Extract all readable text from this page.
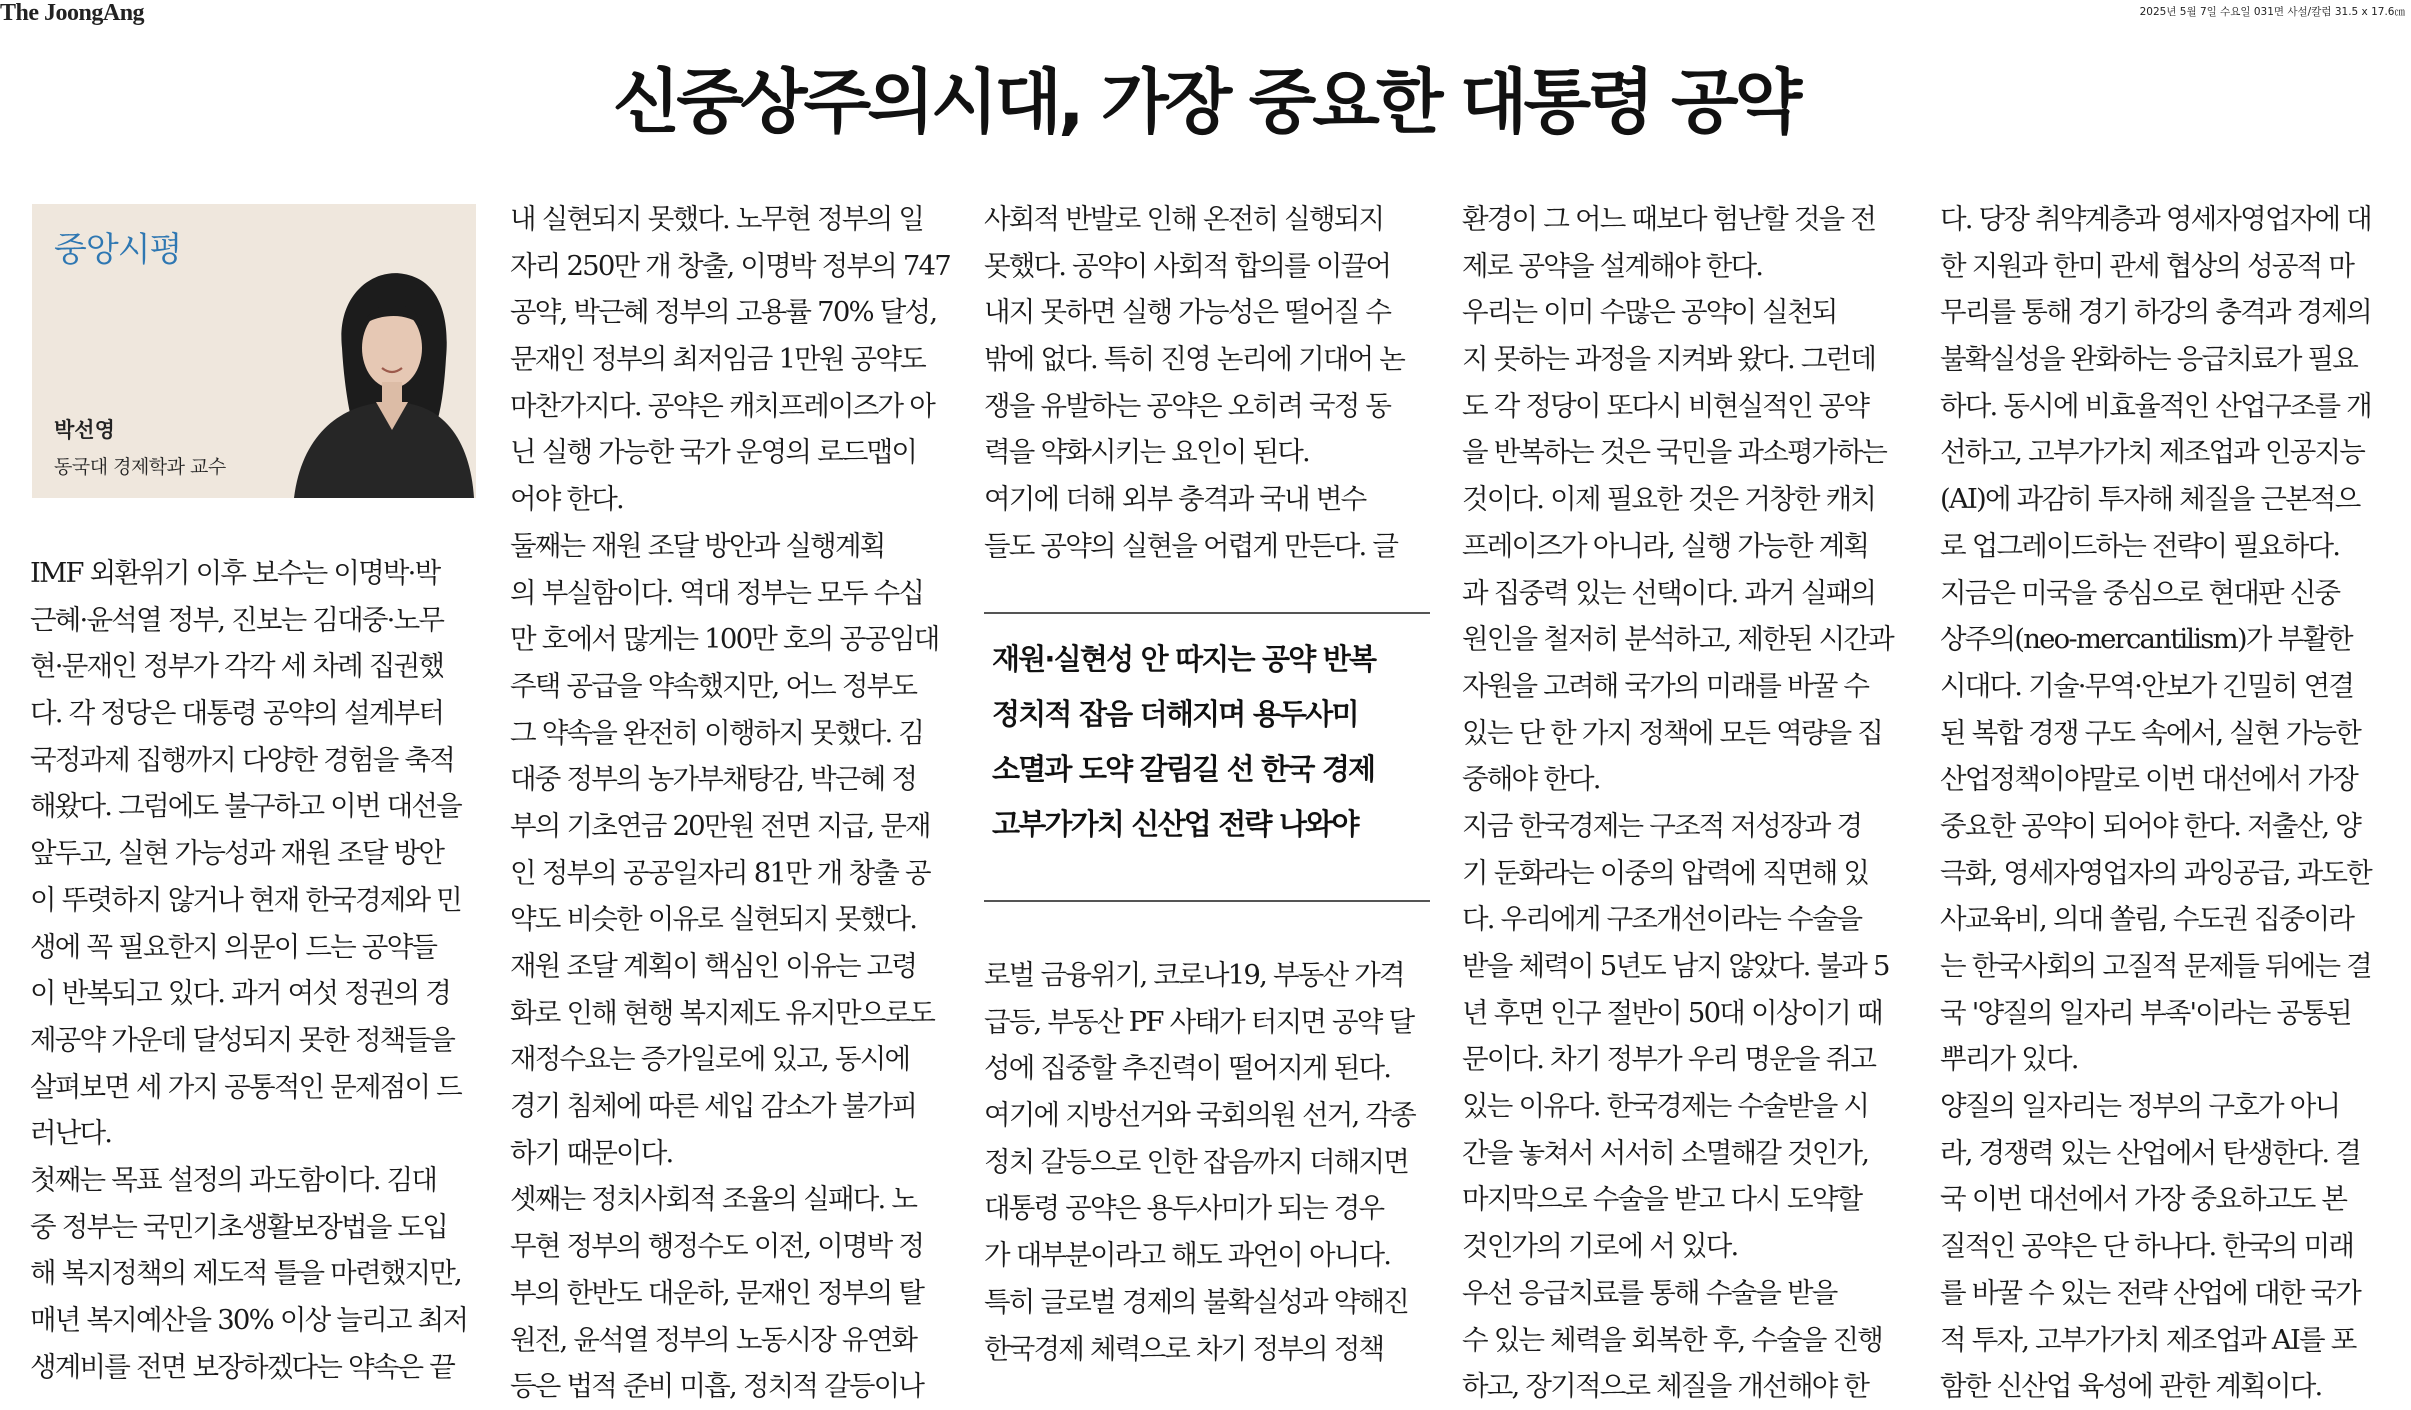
The JoongAng	2025년 5월 7일 수요일 031면 사설/칼럼 31.5 x 17.6㎝
신중상주의시대, 가장 중요한 대통령 공약
중앙시평
박선영
동국대 경제학과 교수
IMF 외환위기 이후 보수는 이명박·박
근혜·윤석열 정부, 진보는 김대중·노무
현·문재인 정부가 각각 세 차례 집권했
다. 각 정당은 대통령 공약의 설계부터
국정과제 집행까지 다양한 경험을 축적
해왔다. 그럼에도 불구하고 이번 대선을
앞두고, 실현 가능성과 재원 조달 방안
이 뚜렷하지 않거나 현재 한국경제와 민
생에 꼭 필요한지 의문이 드는 공약들
이 반복되고 있다. 과거 여섯 정권의 경
제공약 가운데 달성되지 못한 정책들을
살펴보면 세 가지 공통적인 문제점이 드
러난다.
첫째는 목표 설정의 과도함이다. 김대
중 정부는 국민기초생활보장법을 도입
해 복지정책의 제도적 틀을 마련했지만,
매년 복지예산을 30% 이상 늘리고 최저
생계비를 전면 보장하겠다는 약속은 끝
내 실현되지 못했다. 노무현 정부의 일
자리 250만 개 창출, 이명박 정부의 747
공약, 박근혜 정부의 고용률 70% 달성,
문재인 정부의 최저임금 1만원 공약도
마찬가지다. 공약은 캐치프레이즈가 아
닌 실행 가능한 국가 운영의 로드맵이
어야 한다.
둘째는 재원 조달 방안과 실행계획
의 부실함이다. 역대 정부는 모두 수십
만 호에서 많게는 100만 호의 공공임대
주택 공급을 약속했지만, 어느 정부도
그 약속을 완전히 이행하지 못했다. 김
대중 정부의 농가부채탕감, 박근혜 정
부의 기초연금 20만원 전면 지급, 문재
인 정부의 공공일자리 81만 개 창출 공
약도 비슷한 이유로 실현되지 못했다.
재원 조달 계획이 핵심인 이유는 고령
화로 인해 현행 복지제도 유지만으로도
재정수요는 증가일로에 있고, 동시에
경기 침체에 따른 세입 감소가 불가피
하기 때문이다.
셋째는 정치사회적 조율의 실패다. 노
무현 정부의 행정수도 이전, 이명박 정
부의 한반도 대운하, 문재인 정부의 탈
원전, 윤석열 정부의 노동시장 유연화
등은 법적 준비 미흡, 정치적 갈등이나
사회적 반발로 인해 온전히 실행되지
못했다. 공약이 사회적 합의를 이끌어
내지 못하면 실행 가능성은 떨어질 수
밖에 없다. 특히 진영 논리에 기대어 논
쟁을 유발하는 공약은 오히려 국정 동
력을 약화시키는 요인이 된다.
여기에 더해 외부 충격과 국내 변수
들도 공약의 실현을 어렵게 만든다. 글
환경이 그 어느 때보다 험난할 것을 전
제로 공약을 설계해야 한다.
우리는 이미 수많은 공약이 실천되
지 못하는 과정을 지켜봐 왔다. 그런데
도 각 정당이 또다시 비현실적인 공약
을 반복하는 것은 국민을 과소평가하는
것이다. 이제 필요한 것은 거창한 캐치
프레이즈가 아니라, 실행 가능한 계획
과 집중력 있는 선택이다. 과거 실패의
원인을 철저히 분석하고, 제한된 시간과
자원을 고려해 국가의 미래를 바꿀 수
있는 단 한 가지 정책에 모든 역량을 집
중해야 한다.
지금 한국경제는 구조적 저성장과 경
기 둔화라는 이중의 압력에 직면해 있
다. 우리에게 구조개선이라는 수술을
받을 체력이 5년도 남지 않았다. 불과 5
년 후면 인구 절반이 50대 이상이기 때
문이다. 차기 정부가 우리 명운을 쥐고
있는 이유다. 한국경제는 수술받을 시
간을 놓쳐서 서서히 소멸해갈 것인가,
마지막으로 수술을 받고 다시 도약할
것인가의 기로에 서 있다.
우선 응급치료를 통해 수술을 받을
수 있는 체력을 회복한 후, 수술을 진행
하고, 장기적으로 체질을 개선해야 한
다. 당장 취약계층과 영세자영업자에 대
한 지원과 한미 관세 협상의 성공적 마
무리를 통해 경기 하강의 충격과 경제의
불확실성을 완화하는 응급치료가 필요
하다. 동시에 비효율적인 산업구조를 개
선하고, 고부가가치 제조업과 인공지능
(AI)에 과감히 투자해 체질을 근본적으
로 업그레이드하는 전략이 필요하다.
지금은 미국을 중심으로 현대판 신중
상주의(neo-mercantilism)가 부활한
시대다. 기술·무역·안보가 긴밀히 연결
된 복합 경쟁 구도 속에서, 실현 가능한
산업정책이야말로 이번 대선에서 가장
중요한 공약이 되어야 한다. 저출산, 양
극화, 영세자영업자의 과잉공급, 과도한
사교육비, 의대 쏠림, 수도권 집중이라
는 한국사회의 고질적 문제들 뒤에는 결
국 '양질의 일자리 부족'이라는 공통된
뿌리가 있다.
양질의 일자리는 정부의 구호가 아니
라, 경쟁력 있는 산업에서 탄생한다. 결
국 이번 대선에서 가장 중요하고도 본
질적인 공약은 단 하나다. 한국의 미래
를 바꿀 수 있는 전략 산업에 대한 국가
적 투자, 고부가가치 제조업과 AI를 포
함한 신산업 육성에 관한 계획이다.
재원·실현성 안 따지는 공약 반복
정치적 잡음 더해지며 용두사미
소멸과 도약 갈림길 선 한국 경제
고부가가치 신산업 전략 나와야
로벌 금융위기, 코로나19, 부동산 가격
급등, 부동산 PF 사태가 터지면 공약 달
성에 집중할 추진력이 떨어지게 된다.
여기에 지방선거와 국회의원 선거, 각종
정치 갈등으로 인한 잡음까지 더해지면
대통령 공약은 용두사미가 되는 경우
가 대부분이라고 해도 과언이 아니다.
특히 글로벌 경제의 불확실성과 약해진
한국경제 체력으로 차기 정부의 정책
